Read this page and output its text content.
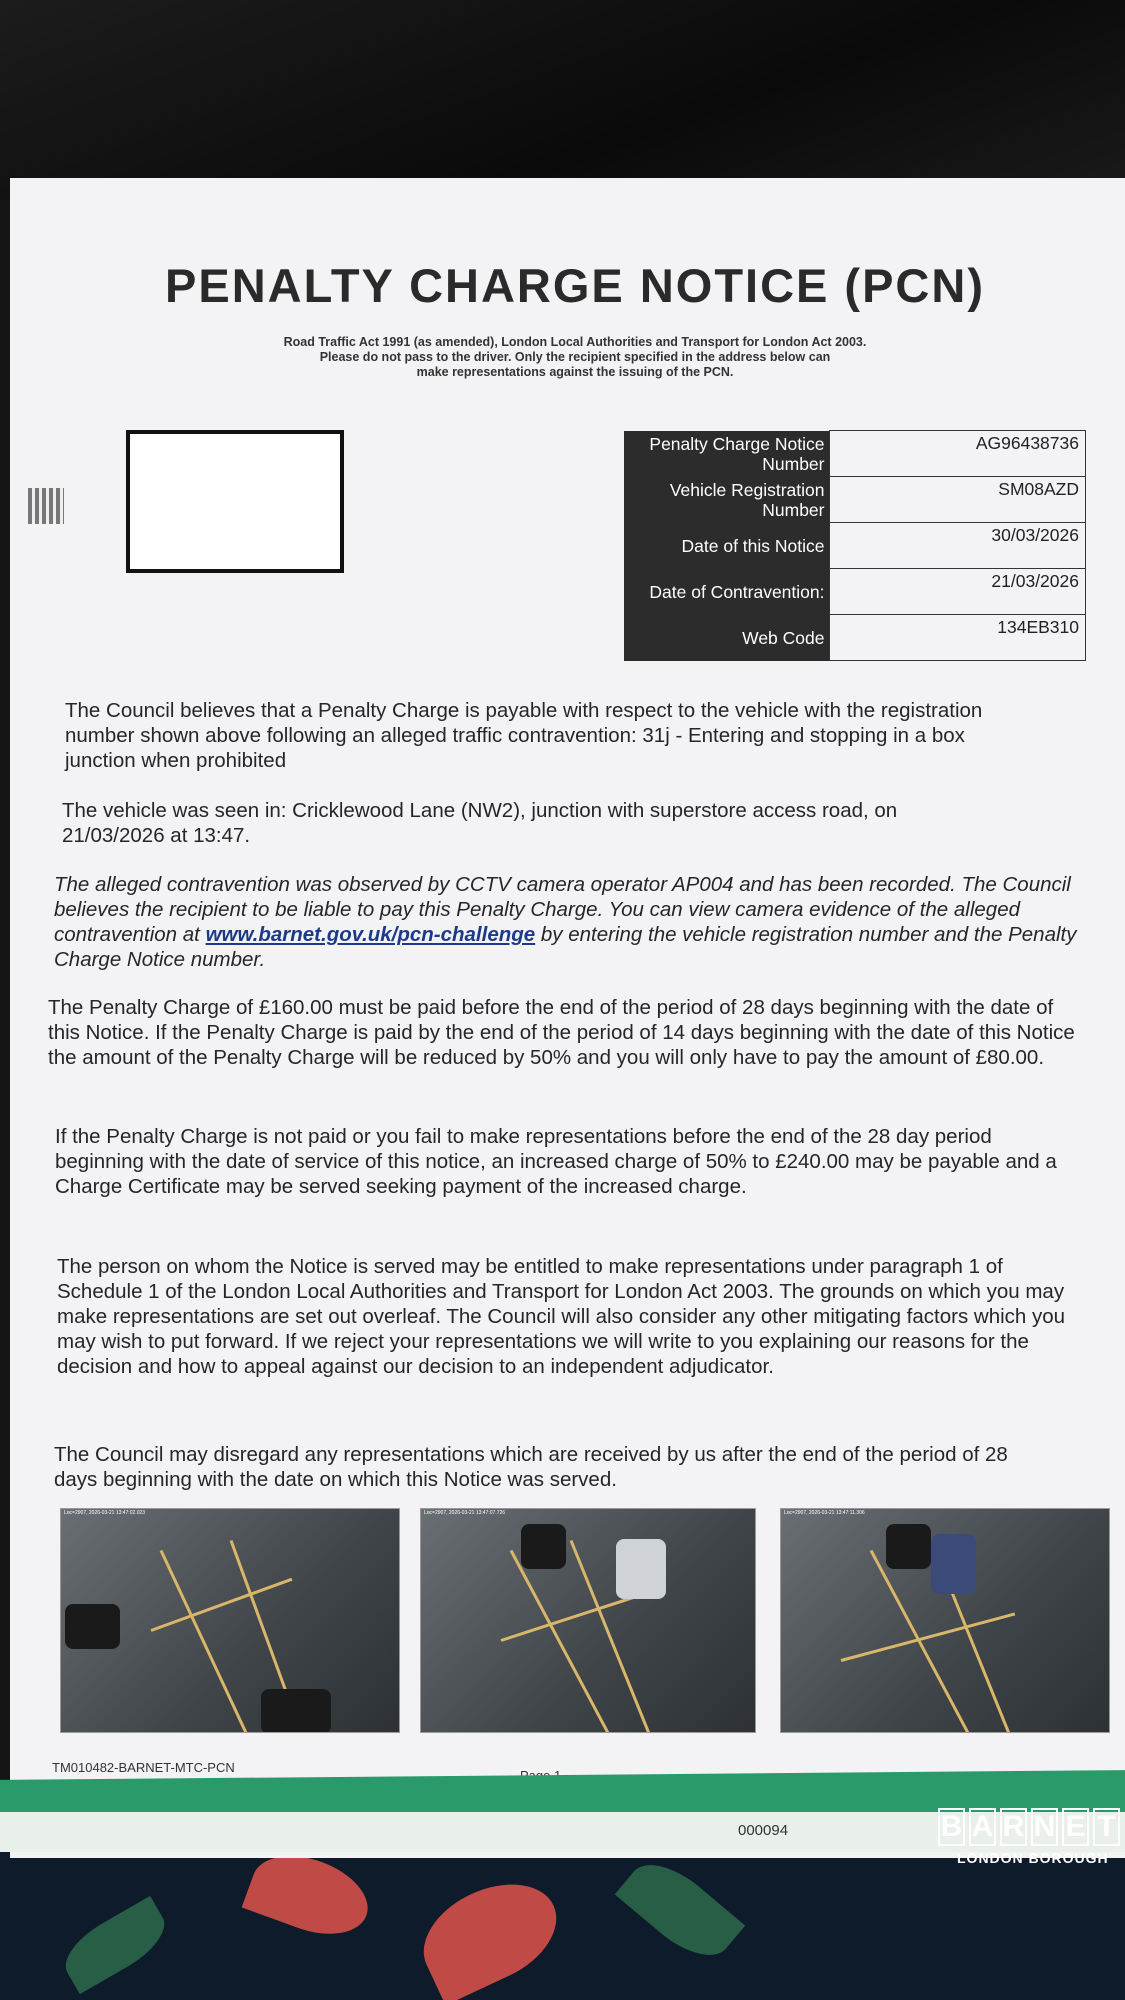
PENALTY CHARGE NOTICE (PCN)
Road Traffic Act 1991 (as amended), London Local Authorities and Transport for London Act 2003.
Please do not pass to the driver. Only the recipient specified in the address below can
make representations against the issuing of the PCN.
Penalty Charge Notice Number	AG96438736
Vehicle Registration Number	SM08AZD
Date of this Notice	30/03/2026
Date of Contravention:	21/03/2026
Web Code	134EB310
The Council believes that a Penalty Charge is payable with respect to the vehicle with the registration number shown above following an alleged traffic contravention: 31j - Entering and stopping in a box junction when prohibited
The vehicle was seen in: Cricklewood Lane (NW2), junction with superstore access road, on 21/03/2026 at 13:47.
The alleged contravention was observed by CCTV camera operator AP004 and has been recorded. The Council believes the recipient to be liable to pay this Penalty Charge. You can view camera evidence of the alleged contravention at www.barnet.gov.uk/pcn-challenge by entering the vehicle registration number and the Penalty Charge Notice number.
The Penalty Charge of £160.00 must be paid before the end of the period of 28 days beginning with the date of this Notice. If the Penalty Charge is paid by the end of the period of 14 days beginning with the date of this Notice the amount of the Penalty Charge will be reduced by 50% and you will only have to pay the amount of £80.00.
If the Penalty Charge is not paid or you fail to make representations before the end of the 28 day period beginning with the date of service of this notice, an increased charge of 50% to £240.00 may be payable and a Charge Certificate may be served seeking payment of the increased charge.
The person on whom the Notice is served may be entitled to make representations under paragraph 1 of Schedule 1 of the London Local Authorities and Transport for London Act 2003. The grounds on which you may make representations are set out overleaf. The Council will also consider any other mitigating factors which you may wish to put forward. If we reject your representations we will write to you explaining our reasons for the decision and how to appeal against our decision to an independent adjudicator.
The Council may disregard any representations which are received by us after the end of the period of 28 days beginning with the date on which this Notice was served.
Loc=2907, 2026-03-21 13:47:02.023	Loc=2907, 2026-03-21 13:47:07.726	Loc=2907, 2026-03-21 13:47:11.306
TM010482-BARNET-MTC-PCN
000094	B A R N E T
LONDON BOROUGH
